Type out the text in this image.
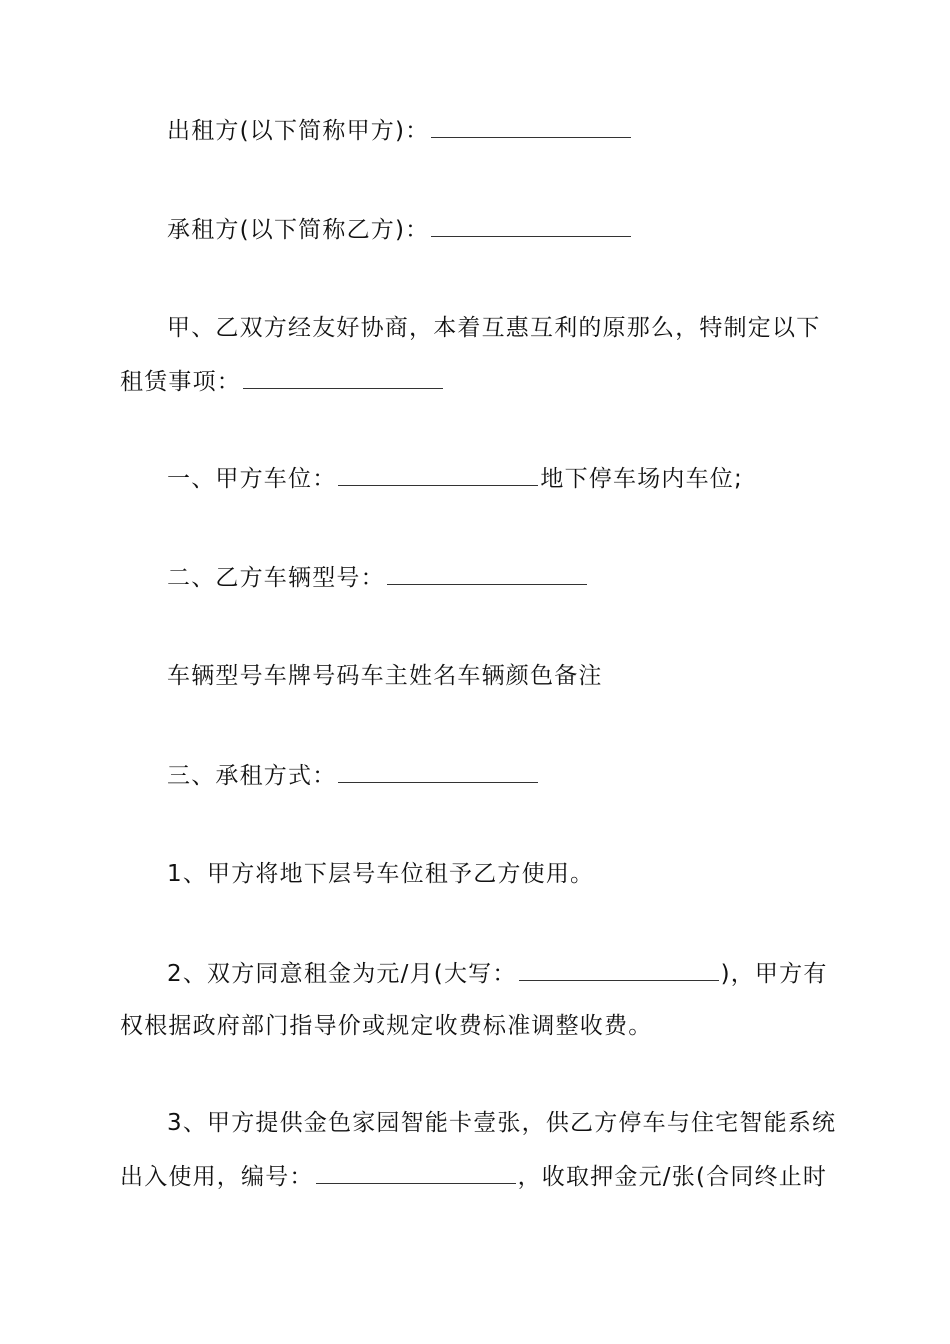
出租方(以下简称甲方)：
承租方(以下简称乙方)：
甲、乙双方经友好协商，本着互惠互利的原那么，特制定以下
租赁事项：
一、甲方车位：	地下停车场内车位;
二、乙方车辆型号：
车辆型号车牌号码车主姓名车辆颜色备注
三、承租方式：
1、甲方将地下层号车位租予乙方使用。
2、双方同意租金为元/月(大写：	)，甲方有
权根据政府部门指导价或规定收费标准调整收费。
3、甲方提供金色家园智能卡壹张，供乙方停车与住宅智能系统
出入使用，编号：	，收取押金元/张(合同终止时
